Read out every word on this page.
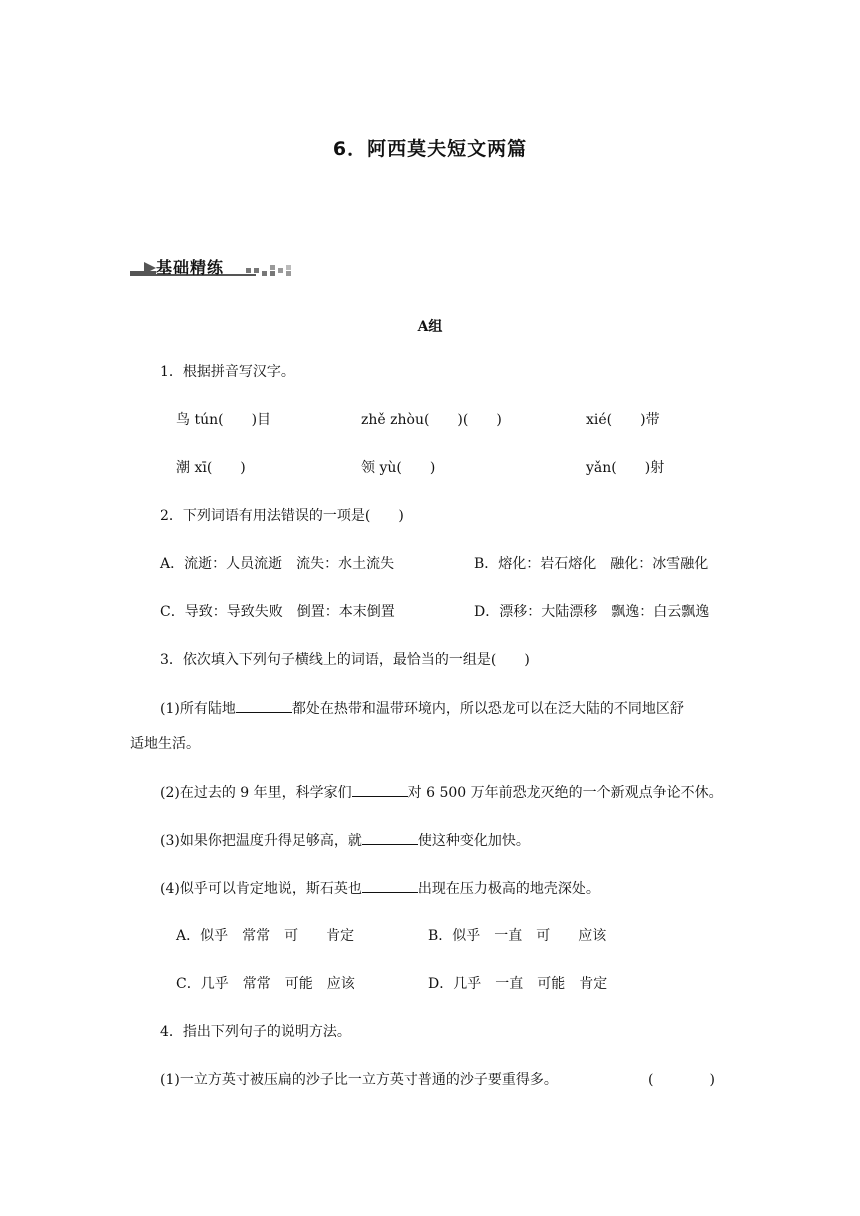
6．阿西莫夫短文两篇
基础精练
A组
1．根据拼音写汉字。
鸟 tún(　　)目	zhě zhòu(　　)(　　)	xié(　　)带
潮 xī(　　)	领 yù(　　)	yǎn(　　)射
2．下列词语有用法错误的一项是(　　)
A．流逝：人员流逝　流失：水土流失	B．熔化：岩石熔化　融化：冰雪融化
C．导致：导致失败　倒置：本末倒置	D．漂移：大陆漂移　飘逸：白云飘逸
3．依次填入下列句子横线上的词语，最恰当的一组是(　　)
(1)所有陆地	都处在热带和温带环境内，所以恐龙可以在泛大陆的不同地区舒
适地生活。
(2)在过去的 9 年里，科学家们	对 6 500 万年前恐龙灭绝的一个新观点争论不休。
(3)如果你把温度升得足够高，就	使这种变化加快。
(4)似乎可以肯定地说，斯石英也	出现在压力极高的地壳深处。
A．似乎　常常　可　　肯定	B．似乎　一直　可　　应该
C．几乎　常常　可能　应该	D．几乎　一直　可能　肯定
4．指出下列句子的说明方法。
(1)一立方英寸被压扁的沙子比一立方英寸普通的沙子要重得多。	(　　　　)
